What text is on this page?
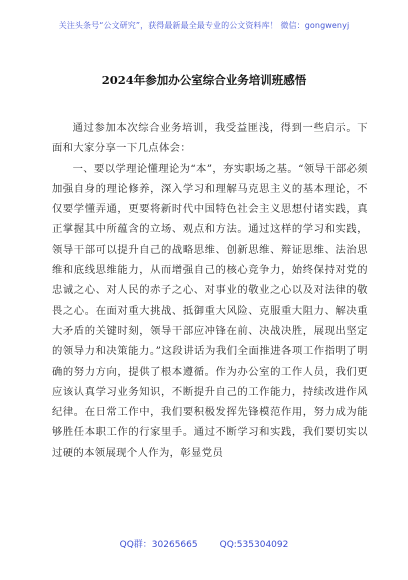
关注头条号“公文研究”，获得最新最全最专业的公文资料库！ 微信：gongwenyj
2024年参加办公室综合业务培训班感悟

通过参加本次综合业务培训，我受益匪浅，得到一些启示。下面和大家分享一下几点体会：

一、要以学理论懂理论为“本”，夯实职场之基。“领导干部必须加强自身的理论修养，深入学习和理解马克思主义的基本理论，不仅要学懂弄通，更要将新时代中国特色社会主义思想付诸实践，真正掌握其中所蕴含的立场、观点和方法。通过这样的学习和实践，领导干部可以提升自己的战略思维、创新思维、辩证思维、法治思维和底线思维能力，从而增强自己的核心竞争力，始终保持对党的忠诚之心、对人民的赤子之心、对事业的敬业之心以及对法律的敬畏之心。在面对重大挑战、抵御重大风险、克服重大阻力、解决重大矛盾的关键时刻，领导干部应冲锋在前、决战决胜，展现出坚定的领导力和决策能力。”这段讲话为我们全面推进各项工作指明了明确的努力方向，提供了根本遵循。作为办公室的工作人员，我们更应该认真学习业务知识，不断提升自己的工作能力，持续改进作风纪律。在日常工作中，我们要积极发挥先锋模范作用，努力成为能够胜任本职工作的行家里手。通过不断学习和实践，我们要切实以过硬的本领展现个人作为，彰显党员

QQ群：30265665 QQ:535304092
